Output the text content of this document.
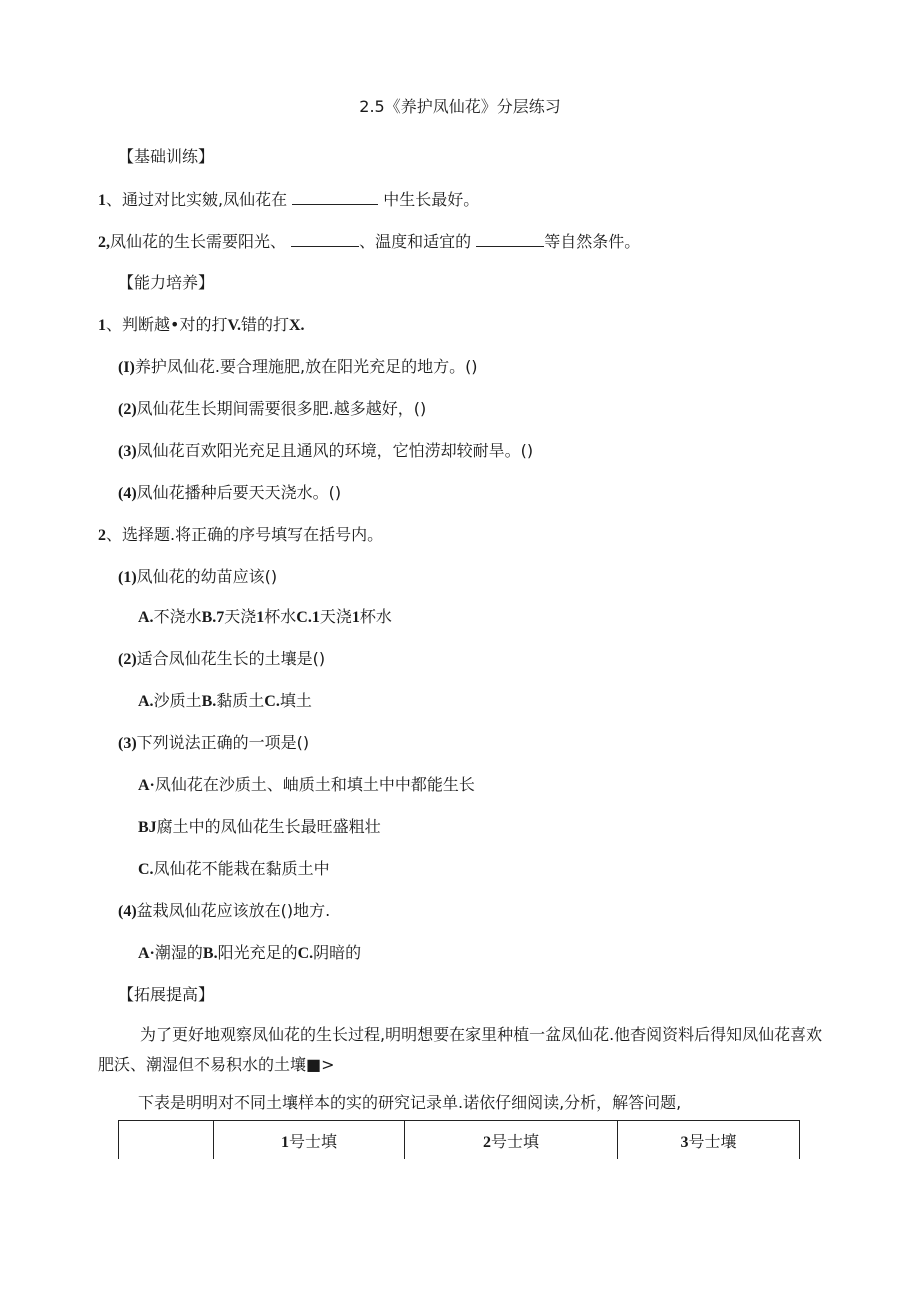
2.5《养护凤仙花》分层练习
【基础训练】
1、通过对比实皴,凤仙花在	中生长最好。
2,凤仙花的生长需要阳光、	、温度和适宜的	等自然条件。
【能力培养】
1、判断越•对的打V.错的打X.
(I)养护凤仙花.要合理施肥,放在阳光充足的地方。()
(2)凤仙花生长期间需要很多肥.越多越好，()
(3)凤仙花百欢阳光充足且通风的环境，它怕涝却较耐旱。()
(4)凤仙花播种后要天天浇水。()
2、选择题.将正确的序号填写在括号内。
(1)凤仙花的幼苗应该()
A.不浇水B.7天浇1杯水C.1天浇1杯水
(2)适合凤仙花生长的土壤是()
A.沙质土B.黏质土C.填土
(3)下列说法正确的一项是()
A·凤仙花在沙质土、岫质土和填土中中都能生长
BJ腐土中的凤仙花生长最旺盛粗壮
C.凤仙花不能栽在黏质土中
(4)盆栽凤仙花应该放在()地方.
A·潮湿的B.阳光充足的C.阴暗的
【拓展提高】
为了更好地观察凤仙花的生长过程,明明想要在家里种植一盆凤仙花.他杳阅资料后得知凤仙花喜欢肥沃、潮湿但不易积水的土壤■>
下表是明明对不同土壤样本的实的研究记录单.诺依仔细阅读,分析，解答问题,
	1号士填	2号士填	3号士壤
